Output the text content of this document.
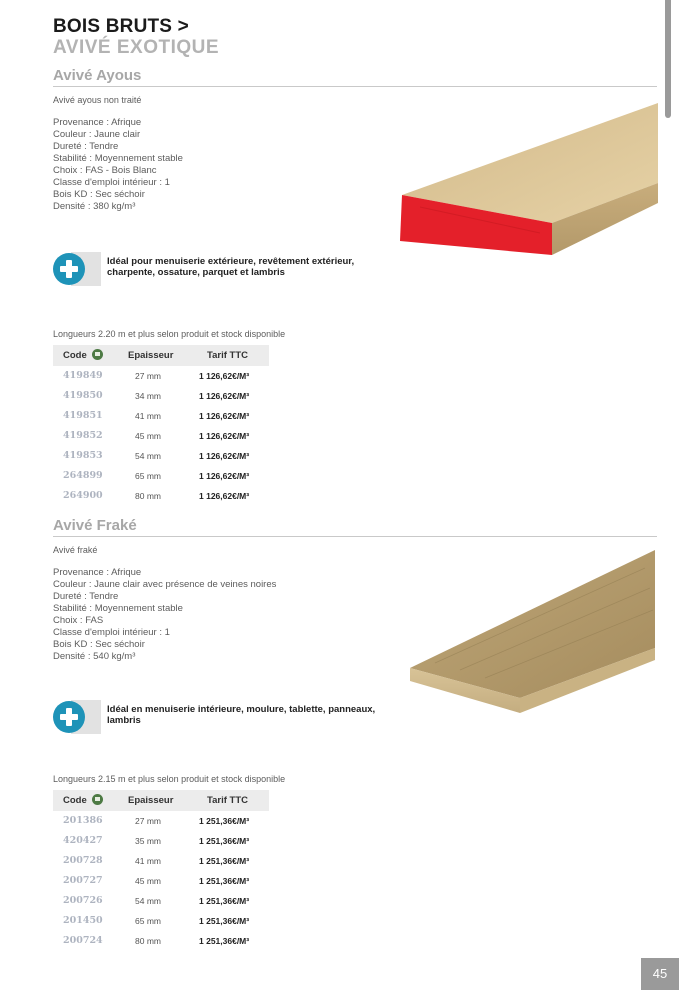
BOIS BRUTS >
AVIVÉ EXOTIQUE
Avivé Ayous
Avivé ayous non traité
Provenance : Afrique
Couleur : Jaune clair
Dureté : Tendre
Stabilité : Moyennement stable
Choix : FAS - Bois Blanc
Classe d'emploi intérieur : 1
Bois KD : Sec séchoir
Densité : 380 kg/m³
Idéal pour menuiserie extérieure, revêtement extérieur, charpente, ossature, parquet et lambris
Longueurs 2.20 m et plus selon produit et stock disponible
Code	Epaisseur	Tarif TTC
419849	27 mm	1 126,62€/M³
419850	34 mm	1 126,62€/M³
419851	41 mm	1 126,62€/M³
419852	45 mm	1 126,62€/M³
419853	54 mm	1 126,62€/M³
264899	65 mm	1 126,62€/M³
264900	80 mm	1 126,62€/M³
Avivé Fraké
Avivé fraké
Provenance : Afrique
Couleur : Jaune clair avec présence de veines noires
Dureté : Tendre
Stabilité : Moyennement stable
Choix : FAS
Classe d'emploi intérieur : 1
Bois KD : Sec séchoir
Densité : 540 kg/m³
Idéal en menuiserie intérieure, moulure, tablette, panneaux, lambris
Longueurs 2.15 m et plus selon produit et stock disponible
Code	Epaisseur	Tarif TTC
201386	27 mm	1 251,36€/M³
420427	35 mm	1 251,36€/M³
200728	41 mm	1 251,36€/M³
200727	45 mm	1 251,36€/M³
200726	54 mm	1 251,36€/M³
201450	65 mm	1 251,36€/M³
200724	80 mm	1 251,36€/M³
45
